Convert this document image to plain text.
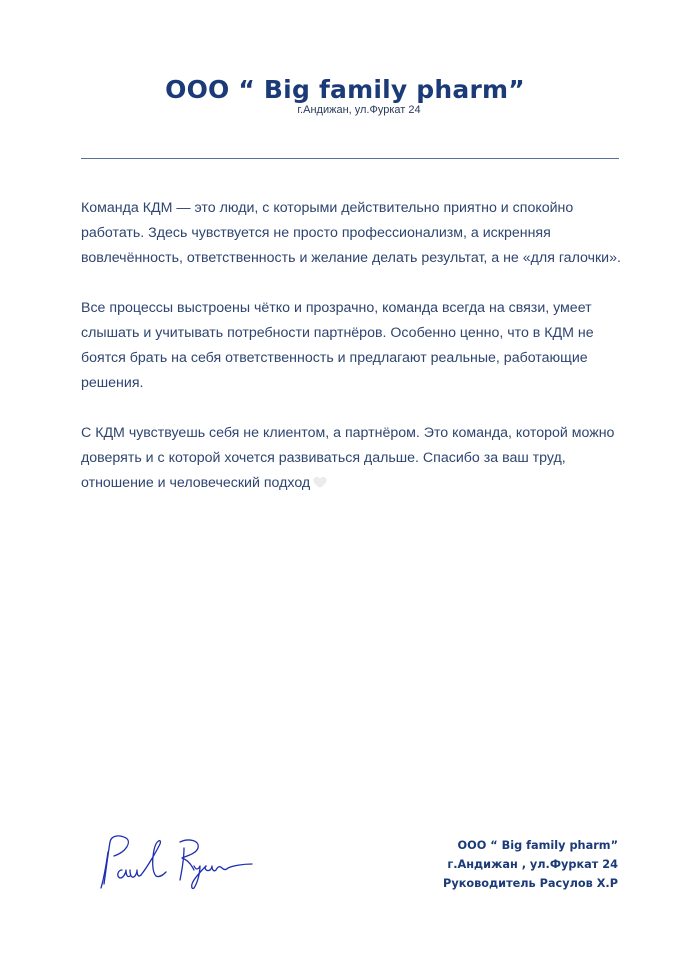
ООО “ Big family pharm”
г.Андижан, ул.Фуркат 24

Команда КДМ — это люди, с которыми действительно приятно и спокойно работать. Здесь чувствуется не просто профессионализм, а искренняя вовлечённость, ответственность и желание делать результат, а не «для галочки».

Все процессы выстроены чётко и прозрачно, команда всегда на связи, умеет слышать и учитывать потребности партнёров. Особенно ценно, что в КДМ не боятся брать на себя ответственность и предлагают реальные, работающие решения.

С КДМ чувствуешь себя не клиентом, а партнёром. Это команда, которой можно доверять и с которой хочется развиваться дальше. Спасибо за ваш труд, отношение и человеческий подход

ООО “ Big family pharm”
г.Андижан , ул.Фуркат 24
Руководитель Расулов Х.Р
